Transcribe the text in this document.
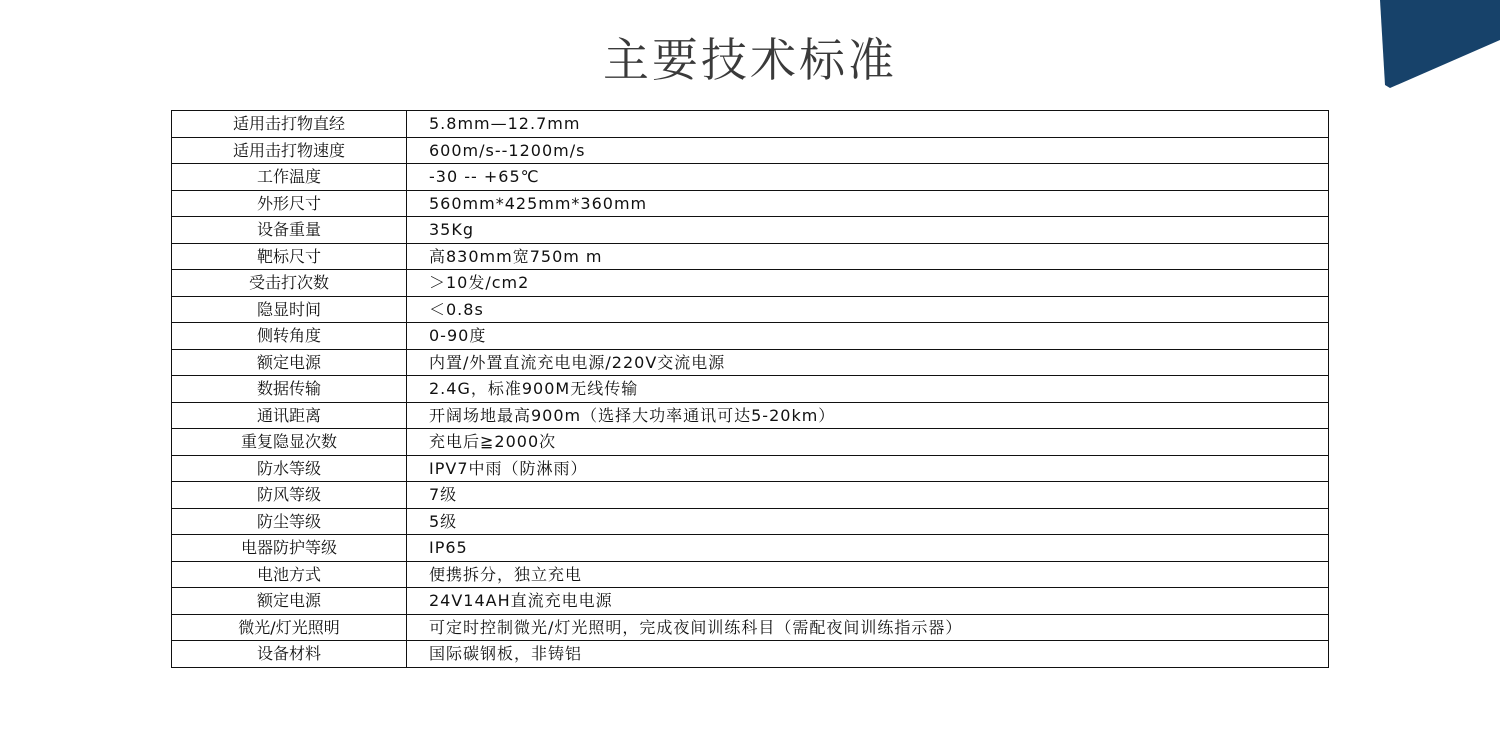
主要技术标准
适用击打物直经	5.8mm—12.7mm
适用击打物速度	600m/s--1200m/s
工作温度	-30 -- +65℃
外形尺寸	560mm*425mm*360mm
设备重量	35Kg
靶标尺寸	高830mm宽750m m
受击打次数	＞10发/cm2
隐显时间	＜0.8s
侧转角度	0-90度
额定电源	内置/外置直流充电电源/220V交流电源
数据传输	2.4G，标准900M无线传输
通讯距离	开阔场地最高900m（选择大功率通讯可达5-20km）
重复隐显次数	充电后≧2000次
防水等级	IPV7中雨（防淋雨）
防风等级	7级
防尘等级	5级
电器防护等级	IP65
电池方式	便携拆分，独立充电
额定电源	24V14AH直流充电电源
微光/灯光照明	可定时控制微光/灯光照明，完成夜间训练科目（需配夜间训练指示器）
设备材料	国际碳钢板，非铸铝
